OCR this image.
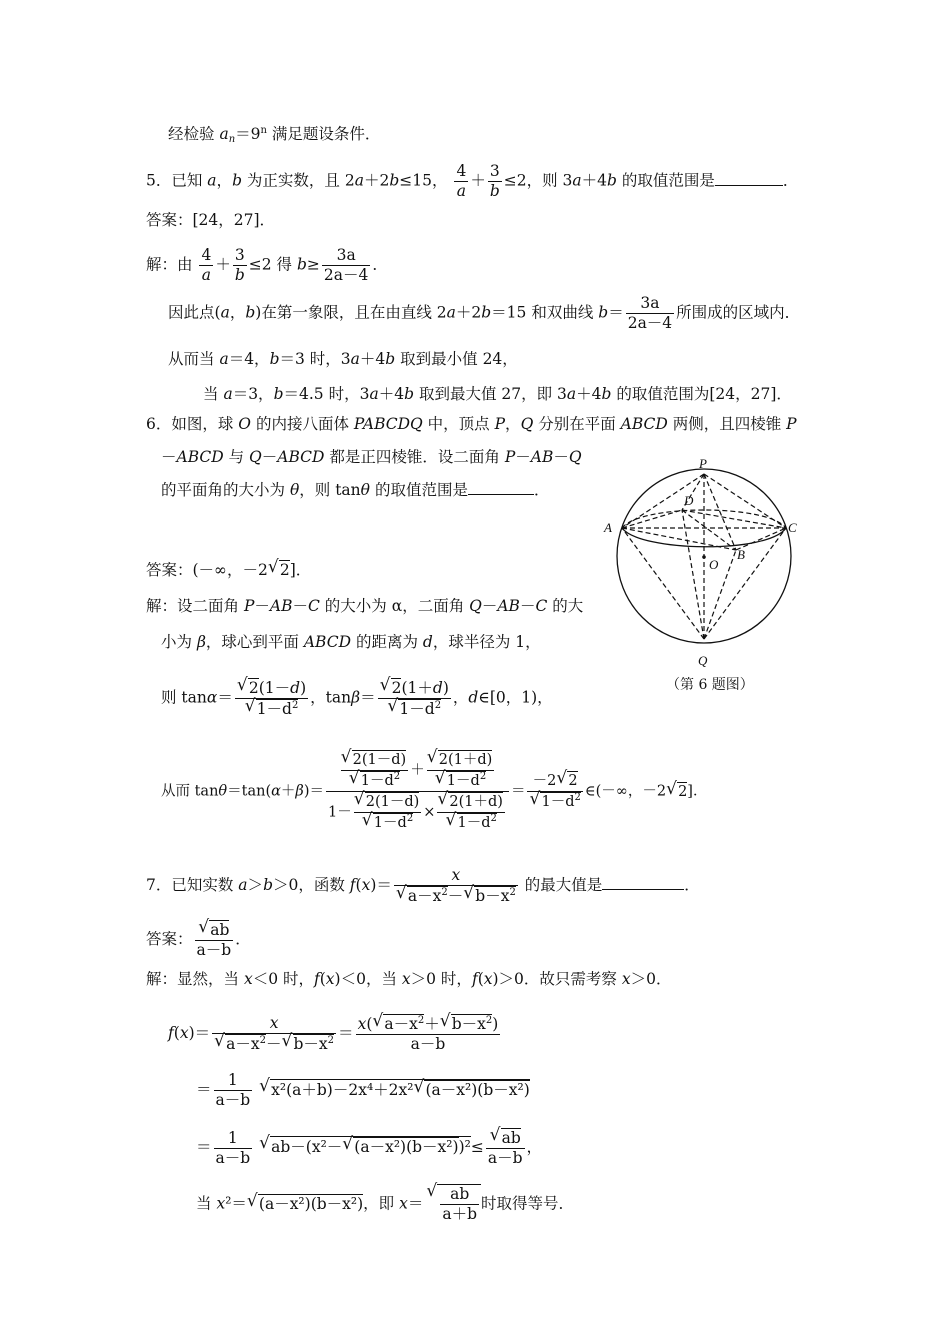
经检验 $a_n=9^n$ 满足题设条件．
5．已知 a，b 为正实数，且 2a＋2b≤15， $\frac{4}{a} + \frac{3}{b} \le 2$，则 3a＋4b 的取值范围是	．
答案：[24，27]．
解：由 $\frac{4}{a} + \frac{3}{b} \le 2$ 得 $b\ge \frac{3a}{2a-4}$ ．
因此点(a，b)在第一象限，且在由直线 2a＋2b＝15 和双曲线 $b= \frac{3a}{2a-4}$ 所围成的区域内．
从而当 a＝4，b＝3 时，3a＋4b 取到最小值 24，
当 a＝3，b＝4.5 时，3a＋4b 取到最大值 27，即 3a＋4b 的取值范围为[24，27]．
6．如图，球 O 的内接八面体 PABCDQ 中，顶点 P，Q 分别在平面 ABCD 两侧，且四棱锥 P
－ABCD 与 Q－ABCD 都是正四棱锥．设二面角 P－AB－Q
的平面角的大小为 θ，则 tanθ 的取值范围是	．
答案：(－∞，－2√ 2]．
解：设二面角 P－AB－C 的大小为 α，二面角 Q－AB－C 的大
小为 β，球心到平面 ABCD 的距离为 d，球半径为 1，
则 tanα＝
√ 2(1－d)
√ $1-d^2$ ，tanβ＝
√ 2(1＋d)
√ $1-d^2$ ，d∈[0，1)，
从而 tanθ＝tan(α＋β)＝
√ 2(1－d)
√ $1-d^2$ ＋
√ 2(1＋d)
√ $1-d^2$
1－
√ 2(1－d)
√ $1-d^2$ ×
√ 2(1＋d)
√ $1-d^2 = -2√$ 2
√ $1-d^2$ ∈(－∞，－2√ 2]．
7．已知实数 a＞b＞0，函数 f(x)＝ x
√ $a-x^2-√$ $b-x^2$ 的最大值是	．
答案：
√ $\frac{ab}{a-b}$ ．
解：显然，当 x＜0 时，f(x)＜0，当 x＞0 时，f(x)＞0．故只需考察 x＞0．
f(x)＝ x
√ $a-x^2-√$ $b-x^2 = \frac{x(√ a-x^2+√ b-x^2)}{a-b}$
＝ $\frac{1}{a-b}$
√ x²(a＋b)－2x⁴＋2x²√ (a－x²)(b－x²)
＝ $\frac{1}{a-b}$
√ ab－(x²－√ (a－x²)(b－x²))²≤
√ $\frac{ab}{a-b}$ ，
当 x²＝√ (a－x²)(b－x²)，即 x＝
√ $\frac{ab}{a+b}$ 时取得等号．
P
D
A	C
B
O
Q
（第 6 题图）
